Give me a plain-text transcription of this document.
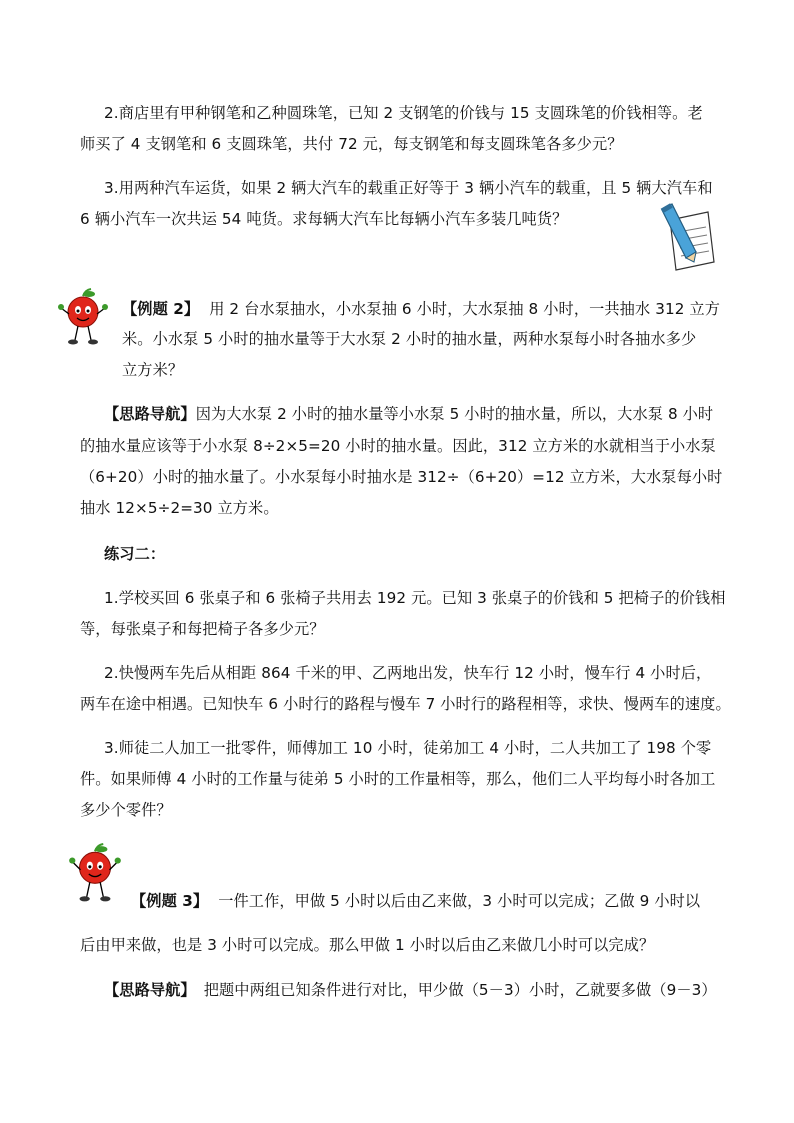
2.商店里有甲种钢笔和乙种圆珠笔，已知 2 支钢笔的价钱与 15 支圆珠笔的价钱相等。老
师买了 4 支钢笔和 6 支圆珠笔，共付 72 元，每支钢笔和每支圆珠笔各多少元？
3.用两种汽车运货，如果 2 辆大汽车的载重正好等于 3 辆小汽车的载重，且 5 辆大汽车和
6 辆小汽车一次共运 54 吨货。求每辆大汽车比每辆小汽车多装几吨货？
【例题 2】 用 2 台水泵抽水，小水泵抽 6 小时，大水泵抽 8 小时，一共抽水 312 立方
米。小水泵 5 小时的抽水量等于大水泵 2 小时的抽水量，两种水泵每小时各抽水多少
立方米？
【思路导航】因为大水泵 2 小时的抽水量等小水泵 5 小时的抽水量，所以，大水泵 8 小时
的抽水量应该等于小水泵 8÷2×5=20 小时的抽水量。因此，312 立方米的水就相当于小水泵
（6+20）小时的抽水量了。小水泵每小时抽水是 312÷（6+20）=12 立方米，大水泵每小时
抽水 12×5÷2=30 立方米。
练习二：
1.学校买回 6 张桌子和 6 张椅子共用去 192 元。已知 3 张桌子的价钱和 5 把椅子的价钱相
等，每张桌子和每把椅子各多少元？
2.快慢两车先后从相距 864 千米的甲、乙两地出发，快车行 12 小时，慢车行 4 小时后，
两车在途中相遇。已知快车 6 小时行的路程与慢车 7 小时行的路程相等，求快、慢两车的速度。
3.师徒二人加工一批零件，师傅加工 10 小时，徒弟加工 4 小时，二人共加工了 198 个零
件。如果师傅 4 小时的工作量与徒弟 5 小时的工作量相等，那么，他们二人平均每小时各加工
多少个零件？
【例题 3】 一件工作，甲做 5 小时以后由乙来做，3 小时可以完成；乙做 9 小时以
后由甲来做，也是 3 小时可以完成。那么甲做 1 小时以后由乙来做几小时可以完成？
【思路导航】 把题中两组已知条件进行对比，甲少做（5－3）小时，乙就要多做（9－3）
